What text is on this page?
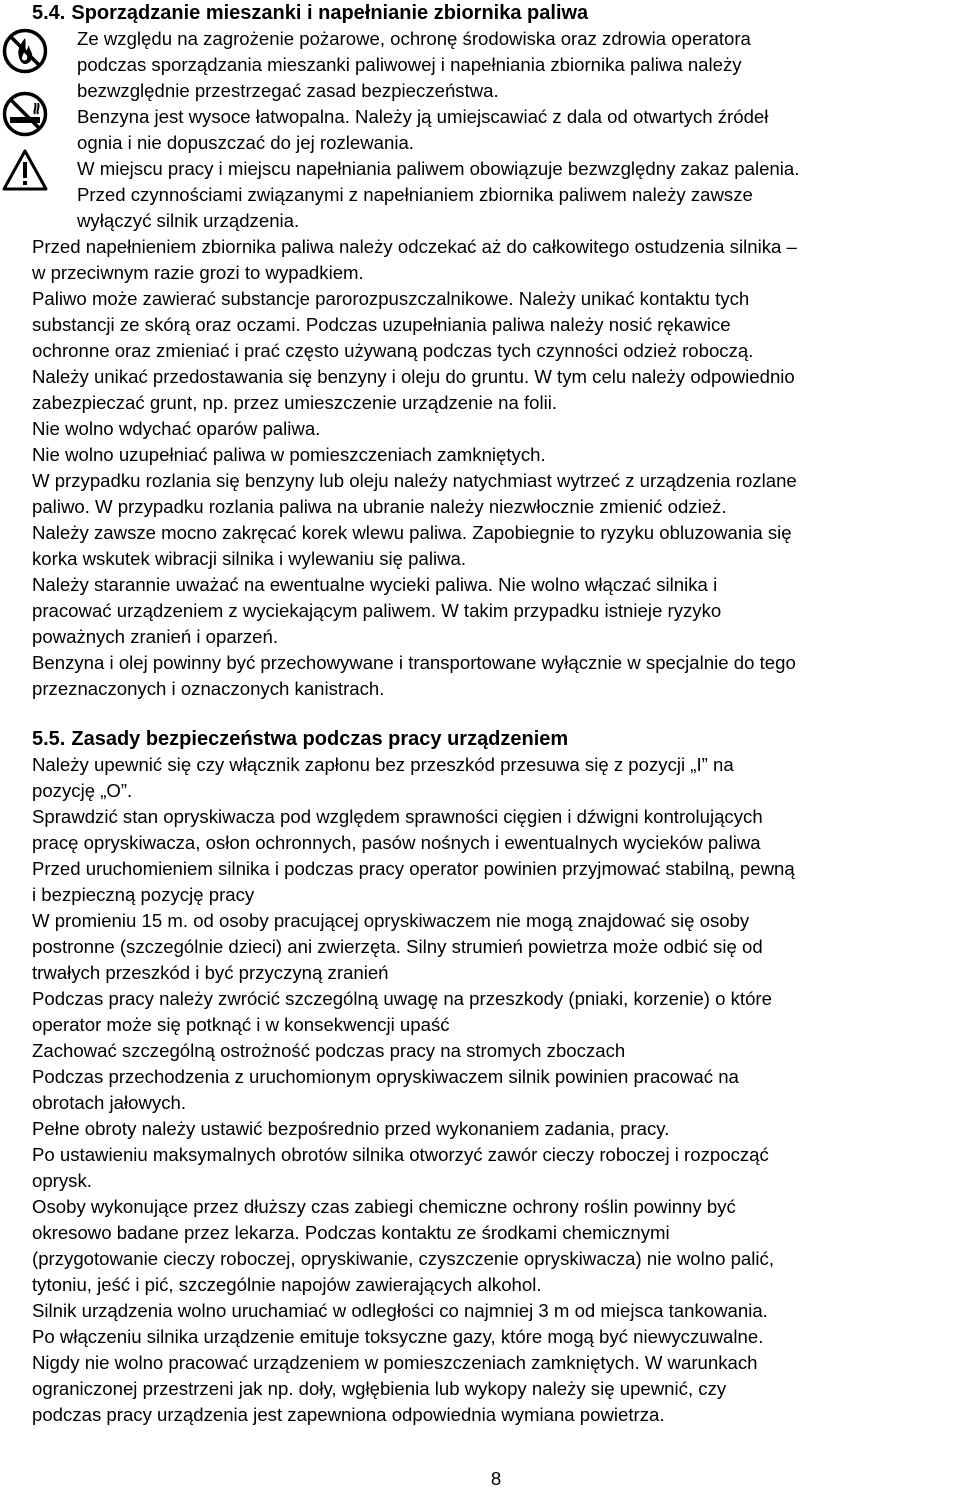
5.4. Sporządzanie mieszanki i napełnianie zbiornika paliwa
Ze względu na zagrożenie pożarowe, ochronę środowiska oraz zdrowia operatora
podczas sporządzania mieszanki paliwowej i napełniania zbiornika paliwa należy
bezwzględnie przestrzegać zasad bezpieczeństwa.
Benzyna jest wysoce łatwopalna. Należy ją umiejscawiać z dala od otwartych źródeł
ognia i nie dopuszczać do jej rozlewania.
W miejscu pracy i miejscu napełniania paliwem obowiązuje bezwzględny zakaz palenia.
Przed czynnościami związanymi z napełnianiem zbiornika paliwem należy zawsze
wyłączyć silnik urządzenia.
Przed napełnieniem zbiornika paliwa należy odczekać aż do całkowitego ostudzenia silnika –
w przeciwnym razie grozi to wypadkiem.
Paliwo może zawierać substancje parorozpuszczalnikowe. Należy unikać kontaktu tych
substancji ze skórą oraz oczami. Podczas uzupełniania paliwa należy nosić rękawice
ochronne oraz zmieniać i prać często używaną podczas tych czynności odzież roboczą.
Należy unikać przedostawania się benzyny i oleju do gruntu. W tym celu należy odpowiednio
zabezpieczać grunt, np. przez umieszczenie urządzenie na folii.
Nie wolno wdychać oparów paliwa.
Nie wolno uzupełniać paliwa w pomieszczeniach zamkniętych.
W przypadku rozlania się benzyny lub oleju należy natychmiast wytrzeć z urządzenia rozlane
paliwo. W przypadku rozlania paliwa na ubranie należy niezwłocznie zmienić odzież.
Należy zawsze mocno zakręcać korek wlewu paliwa. Zapobiegnie to ryzyku obluzowania się
korka wskutek wibracji silnika i wylewaniu się paliwa.
Należy starannie uważać na ewentualne wycieki paliwa. Nie wolno włączać silnika i
pracować urządzeniem z wyciekającym paliwem. W takim przypadku istnieje ryzyko
poważnych zranień i oparzeń.
Benzyna i olej powinny być przechowywane i transportowane wyłącznie w specjalnie do tego
przeznaczonych i oznaczonych kanistrach.
5.5. Zasady bezpieczeństwa podczas pracy urządzeniem
Należy upewnić się czy włącznik zapłonu bez przeszkód przesuwa się z pozycji „I” na
pozycję „O”.
Sprawdzić stan opryskiwacza pod względem sprawności cięgien i dźwigni kontrolujących
pracę opryskiwacza, osłon ochronnych, pasów nośnych i ewentualnych wycieków paliwa
Przed uruchomieniem silnika i podczas pracy operator powinien przyjmować stabilną, pewną
i bezpieczną pozycję pracy
W promieniu 15 m. od osoby pracującej opryskiwaczem nie mogą znajdować się osoby
postronne (szczególnie dzieci) ani zwierzęta. Silny strumień powietrza może odbić się od
trwałych przeszkód i być przyczyną zranień
Podczas pracy należy zwrócić szczególną uwagę na przeszkody (pniaki, korzenie) o które
operator może się potknąć i w konsekwencji upaść
Zachować szczególną ostrożność podczas pracy na stromych zboczach
Podczas przechodzenia z uruchomionym opryskiwaczem silnik powinien pracować na
obrotach jałowych.
Pełne obroty należy ustawić bezpośrednio przed wykonaniem zadania, pracy.
Po ustawieniu maksymalnych obrotów silnika otworzyć zawór cieczy roboczej i rozpocząć
oprysk.
Osoby wykonujące przez dłuższy czas zabiegi chemiczne ochrony roślin powinny być
okresowo badane przez lekarza. Podczas kontaktu ze środkami chemicznymi
(przygotowanie cieczy roboczej, opryskiwanie, czyszczenie opryskiwacza) nie wolno palić,
tytoniu, jeść i pić, szczególnie napojów zawierających alkohol.
Silnik urządzenia wolno uruchamiać w odległości co najmniej 3 m od miejsca tankowania.
Po włączeniu silnika urządzenie emituje toksyczne gazy, które mogą być niewyczuwalne.
Nigdy nie wolno pracować urządzeniem w pomieszczeniach zamkniętych. W warunkach
ograniczonej przestrzeni jak np. doły, wgłębienia lub wykopy należy się upewnić, czy
podczas pracy urządzenia jest zapewniona odpowiednia wymiana powietrza.
8
